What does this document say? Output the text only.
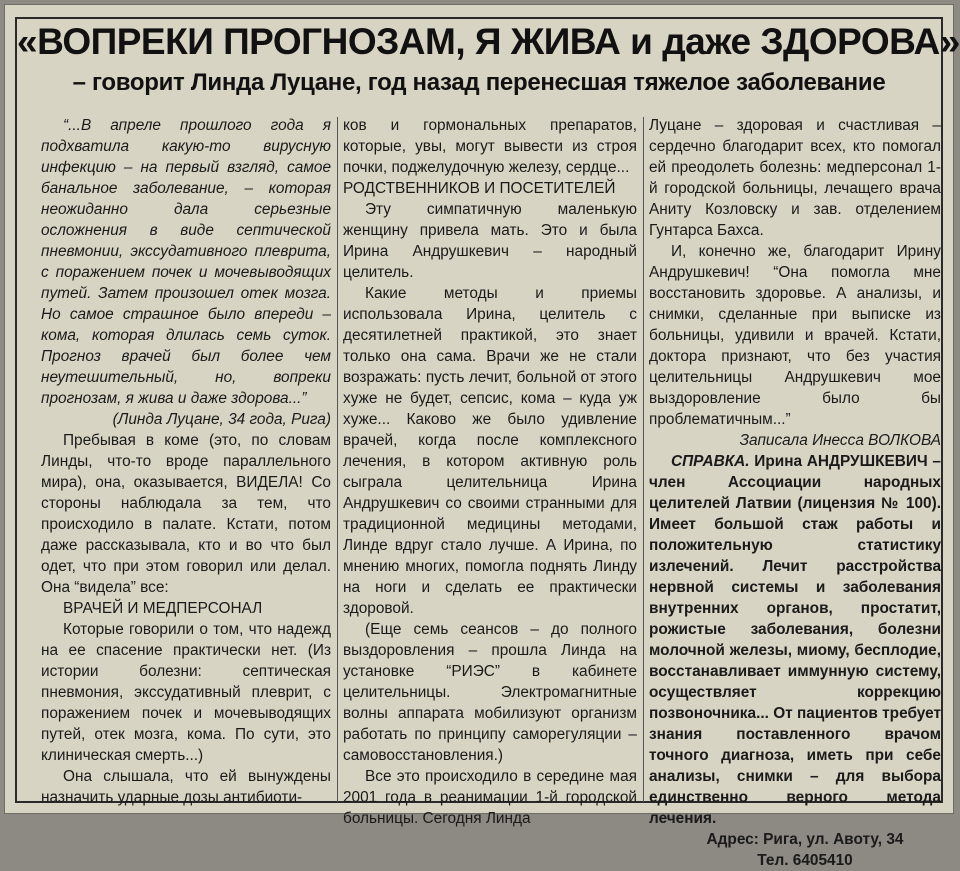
«ВОПРЕКИ ПРОГНОЗАМ, Я ЖИВА и даже ЗДОРОВА»
– говорит Линда Луцане, год назад перенесшая тяжелое заболевание

“...В апреле прошлого года я подхватила какую-то вирусную инфекцию – на первый взгляд, самое банальное заболевание, – которая неожиданно дала серьезные осложнения в виде септической пневмонии, экссудативного плеврита, с поражением почек и мочевыводящих путей. Затем произошел отек мозга. Но самое страшное было впереди – кома, которая длилась семь суток. Прогноз врачей был более чем неутешительный, но, вопреки прогнозам, я жива и даже здорова...”

(Линда Луцане, 34 года, Рига)

Пребывая в коме (это, по словам Линды, что-то вроде параллельного мира), она, оказывается, ВИДЕЛА! Со стороны наблюдала за тем, что происходило в палате. Кстати, потом даже рассказывала, кто и во что был одет, что при этом говорил или делал. Она “видела” все:

ВРАЧЕЙ И МЕДПЕРСОНАЛ

Которые говорили о том, что надежд на ее спасение практически нет. (Из истории болезни: септическая пневмония, экссудативный плеврит, с поражением почек и мочевыводящих путей, отек мозга, кома. По сути, это клиническая смерть...)

Она слышала, что ей вынуждены назначить ударные дозы антибиоти-

ков и гормональных препаратов, которые, увы, могут вывести из строя почки, поджелудочную железу, сердце...

РОДСТВЕННИКОВ И ПОСЕТИТЕЛЕЙ

Эту симпатичную маленькую женщину привела мать. Это и была Ирина Андрушкевич – народный целитель.

Какие методы и приемы использовала Ирина, целитель с десятилетней практикой, это знает только она сама. Врачи же не стали возражать: пусть лечит, больной от этого хуже не будет, сепсис, кома – куда уж хуже... Каково же было удивление врачей, когда после комплексного лечения, в котором активную роль сыграла целительница Ирина Андрушкевич со своими странными для традиционной медицины методами, Линде вдруг стало лучше. А Ирина, по мнению многих, помогла поднять Линду на ноги и сделать ее практически здоровой.

(Еще семь сеансов – до полного выздоровления – прошла Линда на установке “РИЭС” в кабинете целительницы. Электромагнитные волны аппарата мобилизуют организм работать по принципу саморегуляции – самовосстановления.)

Все это происходило в середине мая 2001 года в реанимации 1-й городской больницы. Сегодня Линда

Луцане – здоровая и счастливая – сердечно благодарит всех, кто помогал ей преодолеть болезнь: медперсонал 1-й городской больницы, лечащего врача Аниту Козловску и зав. отделением Гунтарса Бахса.

И, конечно же, благодарит Ирину Андрушкевич! “Она помогла мне восстановить здоровье. А анализы, и снимки, сделанные при выписке из больницы, удивили и врачей. Кстати, доктора признают, что без участия целительницы Андрушкевич мое выздоровление было бы проблематичным...”

Записала Инесса ВОЛКОВА

СПРАВКА. Ирина АНДРУШКЕВИЧ – член Ассоциации народных целителей Латвии (лицензия № 100). Имеет большой стаж работы и положительную статистику излечений. Лечит расстройства нервной системы и заболевания внутренних органов, простатит, рожистые заболевания, болезни молочной железы, миому, бесплодие, восстанавливает иммунную систему, осуществляет коррекцию позвоночника... От пациентов требует знания поставленного врачом точного диагноза, иметь при себе анализы, снимки – для выбора единственно верного метода лечения.

Адрес: Рига, ул. Авоту, 34

Тел. 6405410
